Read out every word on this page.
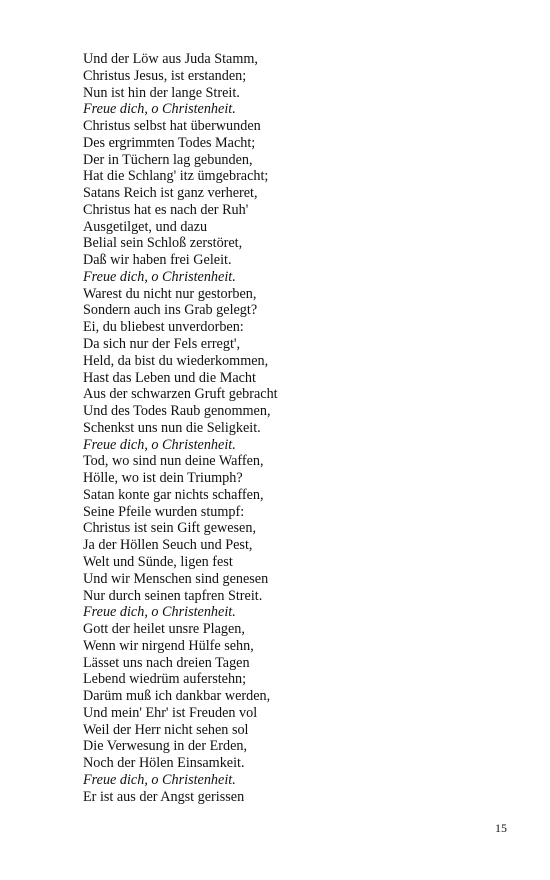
Und der Löw aus Juda Stamm,
Christus Jesus, ist erstanden;
Nun ist hin der lange Streit.
Freue dich, o Christenheit.
Christus selbst hat überwunden
Des ergrimmten Todes Macht;
Der in Tüchern lag gebunden,
Hat die Schlang' itz ümgebracht;
Satans Reich ist ganz verheret,
Christus hat es nach der Ruh'
Ausgetilget, und dazu
Belial sein Schloß zerstöret,
Daß wir haben frei Geleit.
Freue dich, o Christenheit.
Warest du nicht nur gestorben,
Sondern auch ins Grab gelegt?
Ei, du bliebest unverdorben:
Da sich nur der Fels erregt',
Held, da bist du wiederkommen,
Hast das Leben und die Macht
Aus der schwarzen Gruft gebracht
Und des Todes Raub genommen,
Schenkst uns nun die Seligkeit.
Freue dich, o Christenheit.
Tod, wo sind nun deine Waffen,
Hölle, wo ist dein Triumph?
Satan konte gar nichts schaffen,
Seine Pfeile wurden stumpf:
Christus ist sein Gift gewesen,
Ja der Höllen Seuch und Pest,
Welt und Sünde, ligen fest
Und wir Menschen sind genesen
Nur durch seinen tapfren Streit.
Freue dich, o Christenheit.
Gott der heilet unsre Plagen,
Wenn wir nirgend Hülfe sehn,
Lässet uns nach dreien Tagen
Lebend wiedrüm auferstehn;
Darüm muß ich dankbar werden,
Und mein' Ehr' ist Freuden vol
Weil der Herr nicht sehen sol
Die Verwesung in der Erden,
Noch der Hölen Einsamkeit.
Freue dich, o Christenheit.
Er ist aus der Angst gerissen
15
